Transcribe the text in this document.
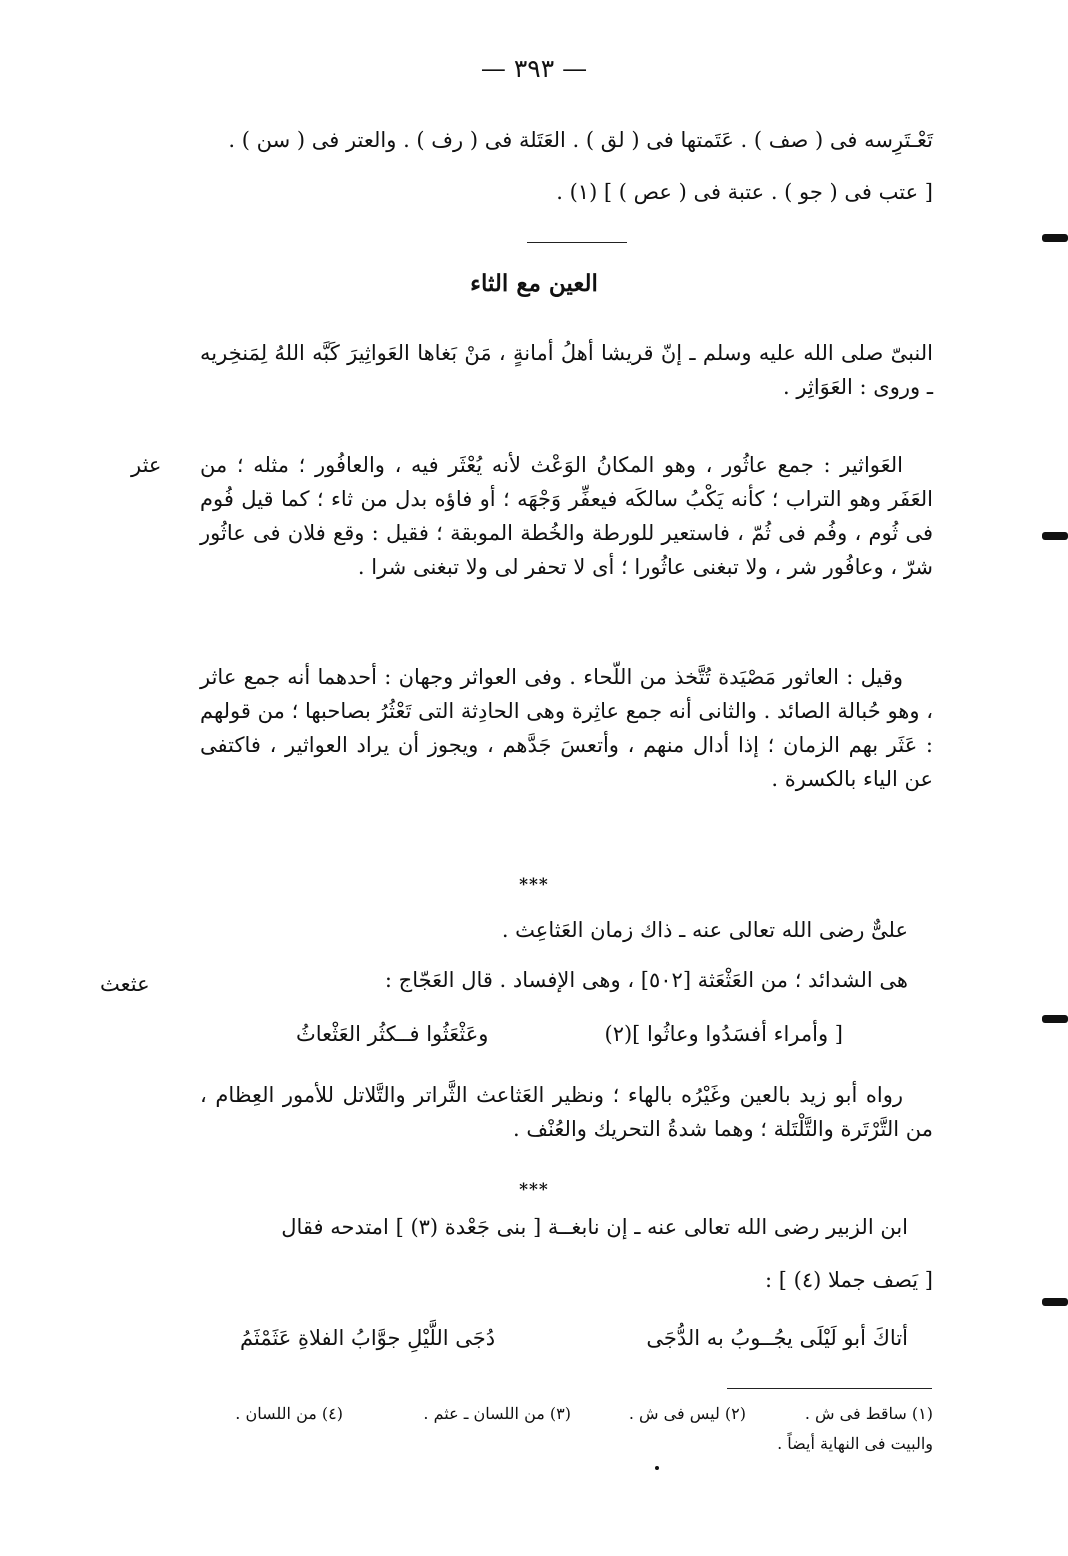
— ٣٩٣ —
تَعْـتَرِسه فى ( صف ) . عَتَمتها فى ( لق ) . العَتَلة فى ( رف ) . والعتر فى ( سن ) .
[ عتب فى ( جو ) . عتبة فى ( عص ) ] (١) .
العين مع الثاء
النبىّ صلى الله عليه وسلم ـ إنّ قريشا أهلُ أمانةٍ ، مَنْ بَغاها العَواثِيرَ كَبَّه اللهُ لِمَنخِريه ـ وروى : العَوَاثِر .
عثر العَواثير : جمع عاثُور ، وهو المكانُ الوَعْث لأنه يُعْثَر فيه ، والعافُور ؛ مثله ؛ من العَفَر وهو التراب ؛ كأنه يَكْبُ سالكَه فيعفِّر وَجْهَه ؛ أو فاؤه بدل من ثاء ؛ كما قيل فُوم فى ثُوم ، وفُم فى ثُمّ ، فاستعير للورطة والخُطة الموبقة ؛ فقيل : وقع فلان فى عاثُور شرّ ، وعافُور شر ، ولا تبغنى عاثُورا ؛ أى لا تحفر لى ولا تبغنى شرا .
وقيل : العاثور مَصْيَدة تُتَّخذ من اللّحاء . وفى العواثر وجهان : أحدهما أنه جمع عاثر ، وهو حُبالة الصائد . والثانى أنه جمع عاثِرة وهى الحادِثة التى تَعْثُرُ بصاحبها ؛ من قولهم : عَثَر بهم الزمان ؛ إذا أدال منهم ، وأتعسَ جَدَّهم ، ويجوز أن يراد العواثير ، فاكتفى عن الياء بالكسرة .
***
علىٌّ رضى الله تعالى عنه ـ ذاك زمان العَثاعِث .
عثعث	هى الشدائد ؛ من العَثْعَثة [٥٠٢] ، وهى الإفساد . قال العَجّاج :
[ وأمراء أفسَدُوا وعاثُوا ](٢)
وعَثْعَثُوا فــكثُر العَثْعاثُ
رواه أبو زيد بالعين وغَيْرُه بالهاء ؛ ونظير العَثاعث الثَّراتر والتَّلاتل للأمور العِظام ، من التَّرْتَرة والتَّلْتَلة ؛ وهما شدةُ التحريك والعُنْف .
***
ابن الزبير رضى الله تعالى عنه ـ إن نابغــة [ بنى جَعْدة (٣) ] امتدحه فقال
[ يَصف جملا (٤) ] :
أتاكَ أبو لَيْلَى يجُــوبُ به الدُّجَى
دُجَى اللَّيْلِ جوَّابُ الفلاةِ عَثَمْثَمُ
(١) ساقط فى ش .
(٢) ليس فى ش .
(٣) من اللسان ـ عثم .
(٤) من اللسان .
والبيت فى النهاية أيضاً .
